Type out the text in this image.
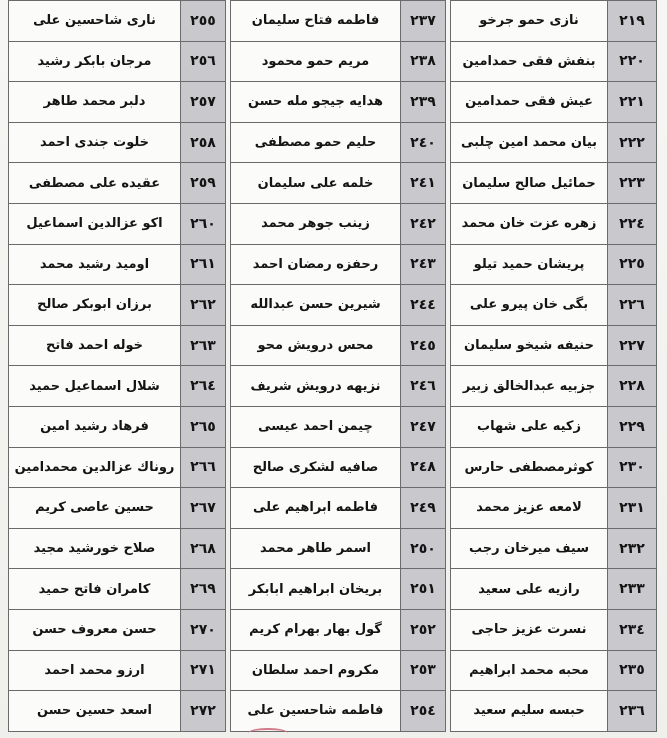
٢١٩	نازى حمو جرخو
٢٢٠	بنفش فقى حمدامين
٢٢١	عيش فقى حمدامين
٢٢٢	بيان محمد امين چلبى
٢٢٣	حمائيل صالح سليمان
٢٢٤	زهره عزت خان محمد
٢٢٥	پريشان حميد تيلو
٢٢٦	بگى خان پيرو على
٢٢٧	حنيفه شيخو سليمان
٢٢٨	جزبيه عبدالخالق زبير
٢٢٩	زكيه على شهاب
٢٣٠	كوثرمصطفى حارس
٢٣١	لامعه عزيز محمد
٢٣٢	سيف ميرخان رجب
٢٣٣	رازيه على سعيد
٢٣٤	نسرت عزيز حاجى
٢٣٥	محبه محمد ابراهيم
٢٣٦	حبسه سليم سعيد
٢٣٧	فاطمه فتاح سليمان
٢٣٨	مريم حمو محمود
٢٣٩	هدايه جيجو مله حسن
٢٤٠	حليم حمو مصطفى
٢٤١	خلمه على سليمان
٢٤٢	زينب جوهر محمد
٢٤٣	رحفزه رمضان احمد
٢٤٤	شيرين حسن عبدالله
٢٤٥	محس درويش محو
٢٤٦	نزيهه درويش شريف
٢٤٧	چيمن احمد عيسى
٢٤٨	صافيه لشكرى صالح
٢٤٩	فاطمه ابراهيم على
٢٥٠	اسمر طاهر محمد
٢٥١	بريخان ابراهيم ابابكر
٢٥٢	گول بهار بهرام كريم
٢٥٣	مكروم احمد سلطان
٢٥٤	فاطمه شاحسين على
٢٥٥	نارى شاحسين على
٢٥٦	مرجان بابكر رشيد
٢٥٧	دلبر محمد طاهر
٢٥٨	خلوت جندى احمد
٢٥٩	عقيده على مصطفى
٢٦٠	اكو عزالدين اسماعيل
٢٦١	اوميد رشيد محمد
٢٦٢	برزان ابوبكر صالح
٢٦٣	خوله احمد فاتح
٢٦٤	شلال اسماعيل حميد
٢٦٥	فرهاد رشيد امين
٢٦٦	روناك عزالدين محمدامين
٢٦٧	حسين عاصى كريم
٢٦٨	صلاح خورشيد مجيد
٢٦٩	كامران فاتح حميد
٢٧٠	حسن معروف حسن
٢٧١	ارزو محمد احمد
٢٧٢	اسعد حسين حسن
